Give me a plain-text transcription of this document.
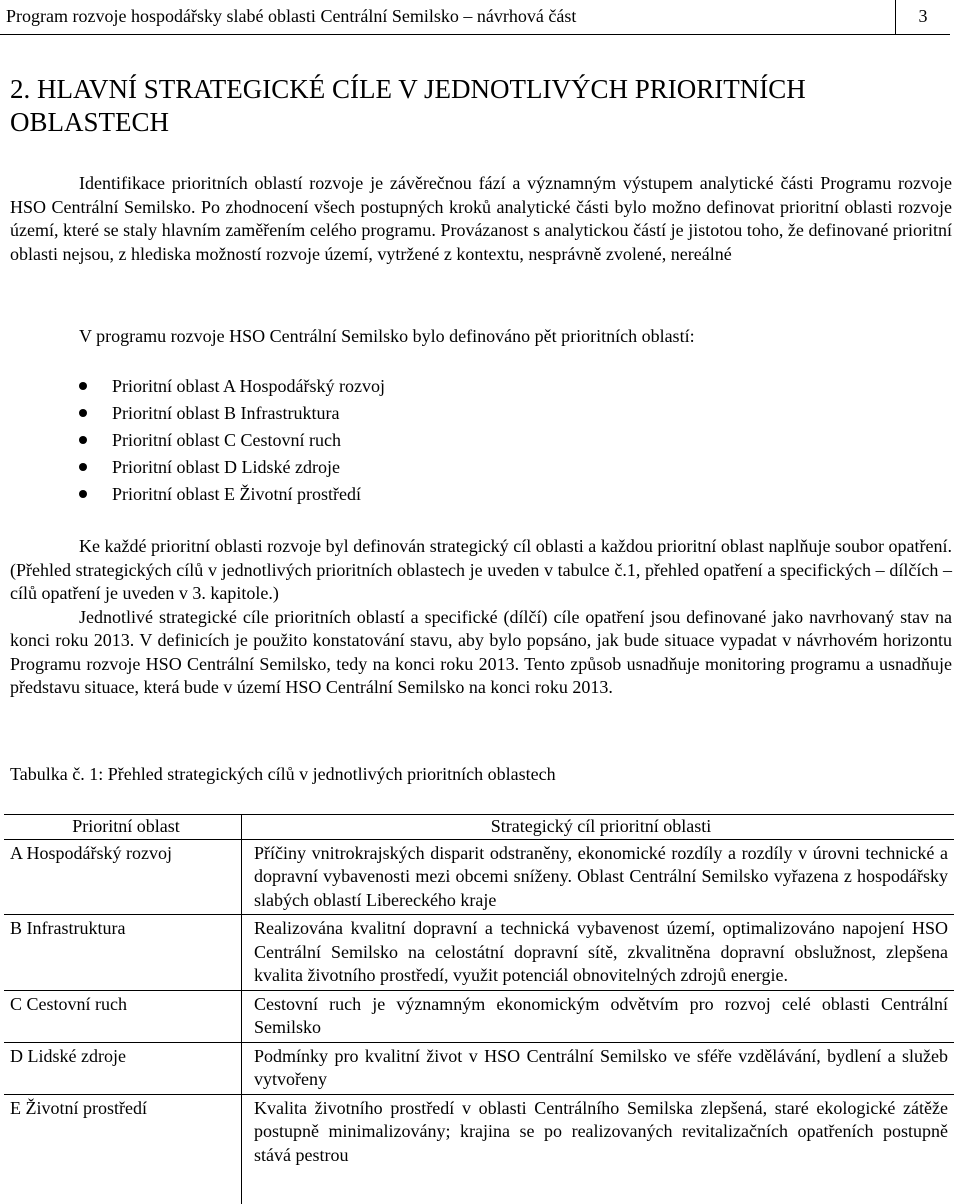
Program rozvoje hospodářsky slabé oblasti Centrální Semilsko – návrhová část	3
2. HLAVNÍ STRATEGICKÉ CÍLE V JEDNOTLIVÝCH PRIORITNÍCH OBLASTECH
Identifikace prioritních oblastí rozvoje je závěrečnou fází a významným výstupem analytické části Programu rozvoje HSO Centrální Semilsko. Po zhodnocení všech postupných kroků analytické části bylo možno definovat prioritní oblasti rozvoje území, které se staly hlavním zaměřením celého programu. Provázanost s analytickou částí je jistotou toho, že definované prioritní oblasti nejsou, z hlediska možností rozvoje území, vytržené z kontextu, nesprávně zvolené, nereálné
V programu rozvoje HSO Centrální Semilsko bylo definováno pět prioritních oblastí:
Prioritní oblast A Hospodářský rozvoj
Prioritní oblast B Infrastruktura
Prioritní oblast C Cestovní ruch
Prioritní oblast D Lidské zdroje
Prioritní oblast E Životní prostředí
Ke každé prioritní oblasti rozvoje byl definován strategický cíl oblasti a každou prioritní oblast naplňuje soubor opatření. (Přehled strategických cílů v jednotlivých prioritních oblastech je uveden v tabulce č.1, přehled opatření a specifických – dílčích – cílů opatření je uveden v 3. kapitole.)
Jednotlivé strategické cíle prioritních oblastí a specifické (dílčí) cíle opatření jsou definované jako navrhovaný stav na konci roku 2013. V definicích je použito konstatování stavu, aby bylo popsáno, jak bude situace vypadat v návrhovém horizontu Programu rozvoje HSO Centrální Semilsko, tedy na konci roku 2013. Tento způsob usnadňuje monitoring programu a usnadňuje představu situace, která bude v území HSO Centrální Semilsko na konci roku 2013.
Tabulka č. 1: Přehled strategických cílů v jednotlivých prioritních oblastech
Prioritní oblast	Strategický cíl prioritní oblasti
A Hospodářský rozvoj	Příčiny vnitrokrajských disparit odstraněny, ekonomické rozdíly a rozdíly v úrovni technické a dopravní vybavenosti mezi obcemi sníženy. Oblast Centrální Semilsko vyřazena z hospodářsky slabých oblastí Libereckého kraje
B Infrastruktura	Realizována kvalitní dopravní a technická vybavenost území, optimalizováno napojení HSO Centrální Semilsko na celostátní dopravní sítě, zkvalitněna dopravní obslužnost, zlepšena kvalita životního prostředí, využit potenciál obnovitelných zdrojů energie.
C Cestovní ruch	Cestovní ruch je významným ekonomickým odvětvím pro rozvoj celé oblasti Centrální Semilsko
D Lidské zdroje	Podmínky pro kvalitní život v HSO Centrální Semilsko ve sféře vzdělávání, bydlení a služeb vytvořeny
E Životní prostředí	Kvalita životního prostředí v oblasti Centrálního Semilska zlepšená, staré ekologické zátěže postupně minimalizovány; krajina se po realizovaných revitalizačních opatřeních postupně stává pestrou
